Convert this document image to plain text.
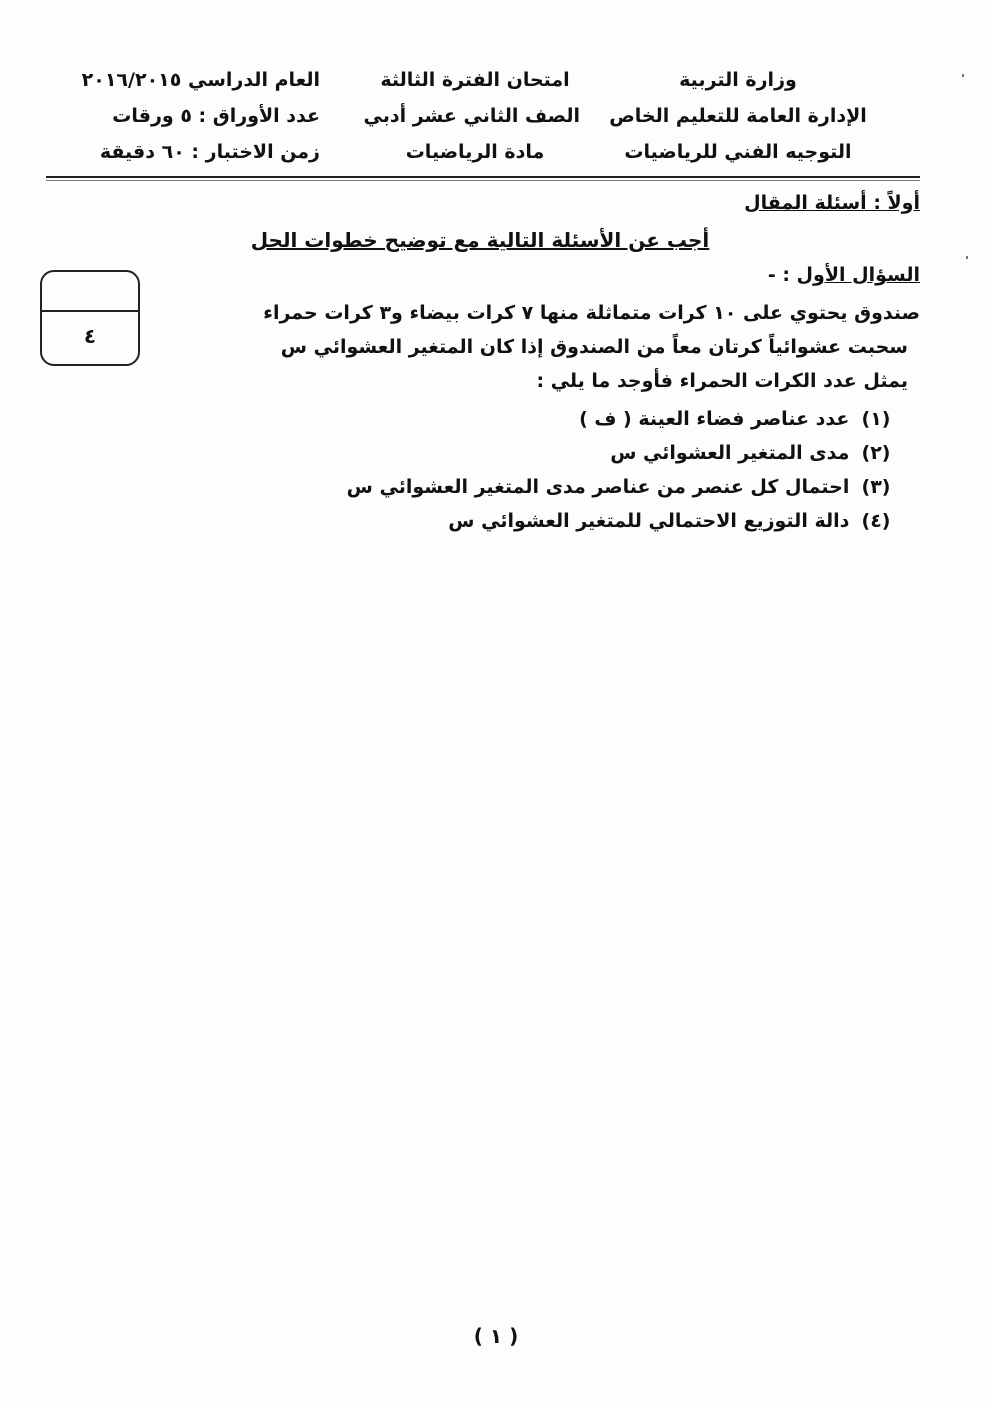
وزارة التربية
الإدارة العامة للتعليم الخاص
التوجيه الفني للرياضيات
امتحان الفترة الثالثة
الصف الثاني عشر أدبي
مادة الرياضيات
العام الدراسي ٢٠١٦/٢٠١٥
عدد الأوراق : ٥ ورقات
زمن الاختبار : ٦٠ دقيقة
أولاً : أسئلة المقال
أجب عن الأسئلة التالية مع توضيح خطوات الحل
السؤال الأول : -
٤
صندوق يحتوي على ١٠ كرات متماثلة منها ٧ كرات بيضاء و٣ كرات حمراء
سحبت عشوائياً كرتان معاً من الصندوق إذا كان المتغير العشوائي س
يمثل عدد الكرات الحمراء فأوجد ما يلي :
(١) عدد عناصر فضاء العينة ( ف )
(٢) مدى المتغير العشوائي س
(٣) احتمال كل عنصر من عناصر مدى المتغير العشوائي س
(٤) دالة التوزيع الاحتمالي للمتغير العشوائي س
( ١ )
